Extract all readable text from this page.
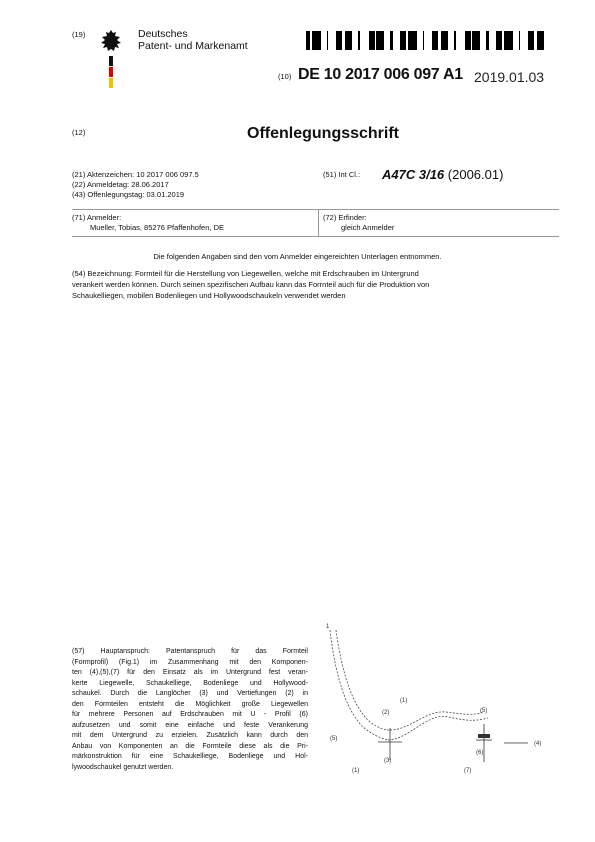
(19)	Deutsches
Patent- und Markenamt
(10) DE 10 2017 006 097 A1 2019.01.03
(12)	Offenlegungsschrift
(21) Aktenzeichen: 10 2017 006 097.5
(22) Anmeldetag: 28.06.2017
(43) Offenlegungstag: 03.01.2019
(51) Int Cl.: A47C 3/16 (2006.01)
(71) Anmelder:
Mueller, Tobias, 85276 Pfaffenhofen, DE
(72) Erfinder:
gleich Anmelder
Die folgenden Angaben sind den vom Anmelder eingereichten Unterlagen entnommen.
(54) Bezeichnung: Formteil für die Herstellung von Liegewellen, welche mit Erdschrauben im Untergrund
verankert werden können. Durch seinen spezifischen Aufbau kann das Forrnteil auch für die Produktion von
Schaukelliegen, mobilen Bodenliegen und Hollywoodschaukeln verwendet werden
(57) Hauptanspruch: Patentanspruch für das Formteil
(Formprofil) (Fig.1) im Zusammenhang mit den Komponen-
ten (4),(5),(7) für den Einsatz als im Untergrund fest veran-
kerte Liegewelle, Schaukelliege, Bodenliege und Hollywood-
schaukel. Durch die Langlöcher (3) und Vertiefungen (2) in
den Formteilen entsteht die Möglichkeit große Liegewellen
für mehrere Personen auf Erdschrauben mit U - Profil (6)
aufzusetzen und somit eine einfache und feste Verankerung
mit dem Untergrund zu erzielen. Zusätzlich kann durch den
Anbau von Komponenten an die Formteile diese als die Pri-
märkonstruktion für eine Schaukelliege, Bodenliege und Hol-
lywoodschaukel genutzt werden.
1
(1)
(2)
(5)
(3)
(5)
(4)
(6)
(7)
(1)
